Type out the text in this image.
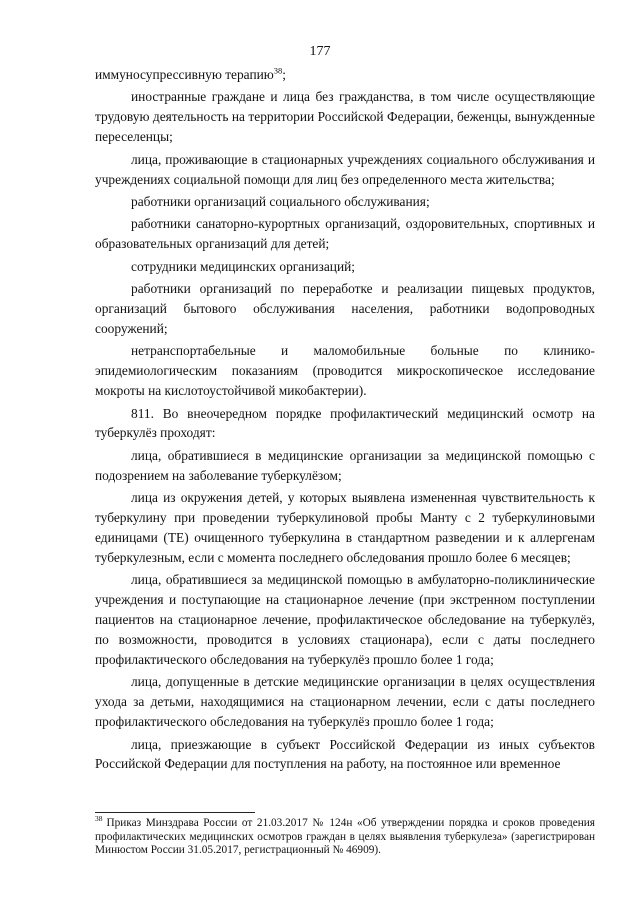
177

иммуносупрессивную терапию$^{38}$;

иностранные граждане и лица без гражданства, в том числе осуществляющие трудовую деятельность на территории Российской Федерации, беженцы, вынужденные переселенцы;

лица, проживающие в стационарных учреждениях социального обслуживания и учреждениях социальной помощи для лиц без определенного места жительства;

работники организаций социального обслуживания;

работники санаторно-курортных организаций, оздоровительных, спортивных и образовательных организаций для детей;

сотрудники медицинских организаций;

работники организаций по переработке и реализации пищевых продуктов, организаций бытового обслуживания населения, работники водопроводных сооружений;

нетранспортабельные и маломобильные больные по клинико-эпидемиологическим показаниям (проводится микроскопическое исследование мокроты на кислотоустойчивой микобактерии).

811. Во внеочередном порядке профилактический медицинский осмотр на туберкулёз проходят:

лица, обратившиеся в медицинские организации за медицинской помощью с подозрением на заболевание туберкулёзом;

лица из окружения детей, у которых выявлена измененная чувствительность к туберкулину при проведении туберкулиновой пробы Манту с 2 туберкулиновыми единицами (ТЕ) очищенного туберкулина в стандартном разведении и к аллергенам туберкулезным, если с момента последнего обследования прошло более 6 месяцев;

лица, обратившиеся за медицинской помощью в амбулаторно-поликлинические учреждения и поступающие на стационарное лечение (при экстренном поступлении пациентов на стационарное лечение, профилактическое обследование на туберкулёз, по возможности, проводится в условиях стационара), если с даты последнего профилактического обследования на туберкулёз прошло более 1 года;

лица, допущенные в детские медицинские организации в целях осуществления ухода за детьми, находящимися на стационарном лечении, если с даты последнего профилактического обследования на туберкулёз прошло более 1 года;

лица, приезжающие в субъект Российской Федерации из иных субъектов Российской Федерации для поступления на работу, на постоянное или временное

$^{38}$ Приказ Минздрава России от 21.03.2017 № 124н «Об утверждении порядка и сроков проведения профилактических медицинских осмотров граждан в целях выявления туберкулеза» (зарегистрирован Минюстом России 31.05.2017, регистрационный № 46909).
